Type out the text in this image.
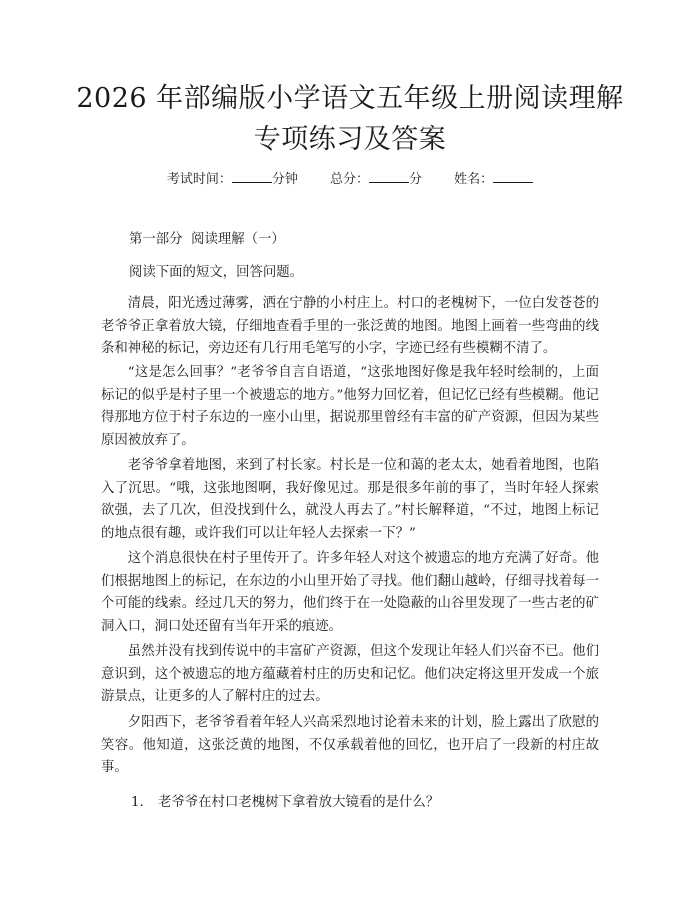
2026 年部编版小学语文五年级上册阅读理解
专项练习及答案
考试时间：	分钟 总分：	分 姓名：

第一部分  阅读理解（一）

阅读下面的短文，回答问题。

清晨，阳光透过薄雾，洒在宁静的小村庄上。村口的老槐树下，一位白发苍苍的老爷爷正拿着放大镜，仔细地查看手里的一张泛黄的地图。地图上画着一些弯曲的线条和神秘的标记，旁边还有几行用毛笔写的小字，字迹已经有些模糊不清了。

“这是怎么回事？”老爷爷自言自语道，“这张地图好像是我年轻时绘制的，上面标记的似乎是村子里一个被遗忘的地方。”他努力回忆着，但记忆已经有些模糊。他记得那地方位于村子东边的一座小山里，据说那里曾经有丰富的矿产资源，但因为某些原因被放弃了。

老爷爷拿着地图，来到了村长家。村长是一位和蔼的老太太，她看着地图，也陷入了沉思。“哦，这张地图啊，我好像见过。那是很多年前的事了，当时年轻人探索欲强，去了几次，但没找到什么，就没人再去了。”村长解释道，“不过，地图上标记的地点很有趣，或许我们可以让年轻人去探索一下？”

这个消息很快在村子里传开了。许多年轻人对这个被遗忘的地方充满了好奇。他们根据地图上的标记，在东边的小山里开始了寻找。他们翻山越岭，仔细寻找着每一个可能的线索。经过几天的努力，他们终于在一处隐蔽的山谷里发现了一些古老的矿洞入口，洞口处还留有当年开采的痕迹。

虽然并没有找到传说中的丰富矿产资源，但这个发现让年轻人们兴奋不已。他们意识到，这个被遗忘的地方蕴藏着村庄的历史和记忆。他们决定将这里开发成一个旅游景点，让更多的人了解村庄的过去。

夕阳西下，老爷爷看着年轻人兴高采烈地讨论着未来的计划，脸上露出了欣慰的笑容。他知道，这张泛黄的地图，不仅承载着他的回忆，也开启了一段新的村庄故事。

1. 老爷爷在村口老槐树下拿着放大镜看的是什么？
